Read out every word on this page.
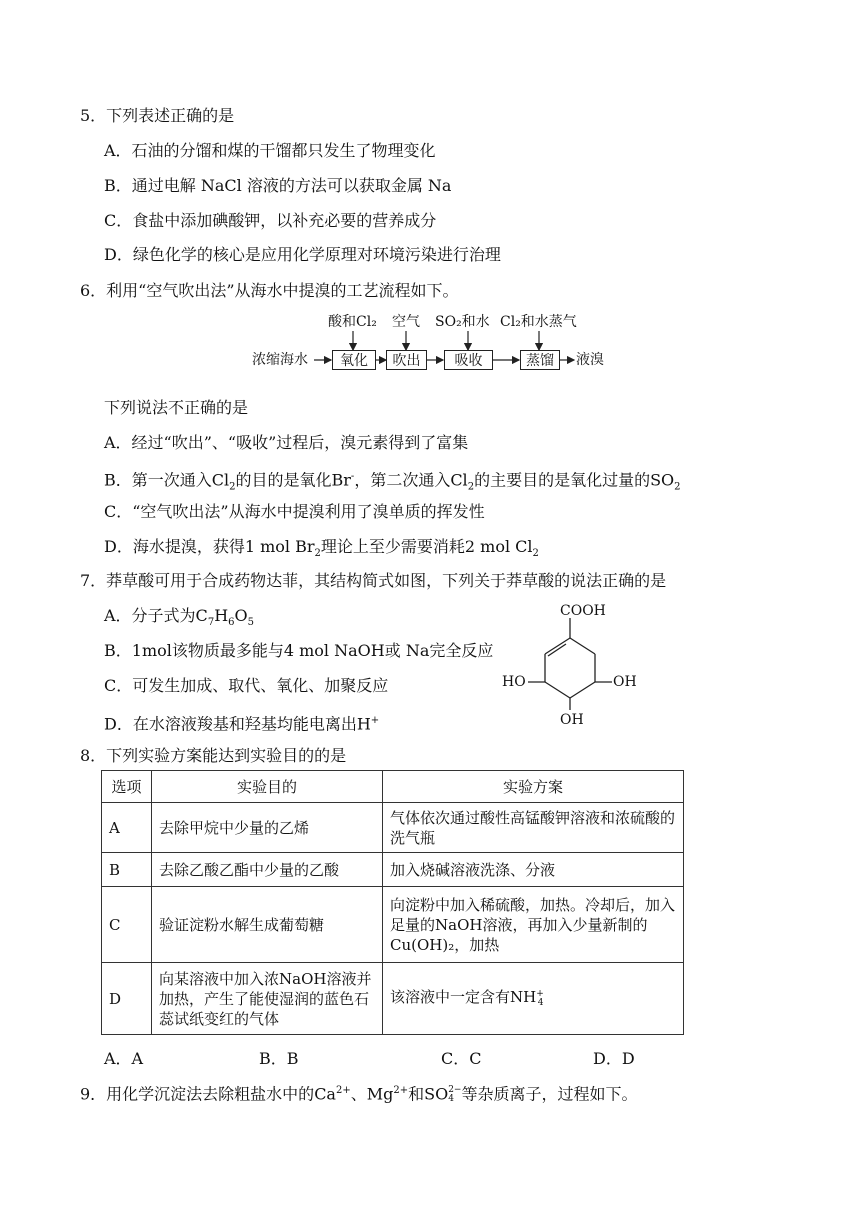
5．下列表述正确的是
A．石油的分馏和煤的干馏都只发生了物理变化
B．通过电解 NaCl 溶液的方法可以获取金属 Na
C．食盐中添加碘酸钾，以补充必要的营养成分
D．绿色化学的核心是应用化学原理对环境污染进行治理
6．利用“空气吹出法”从海水中提溴的工艺流程如下。
酸和Cl₂ 空气 SO₂和水 Cl₂和水蒸气
浓缩海水	氧化	吹出	吸收	蒸馏	液溴
下列说法不正确的是
A．经过“吹出”、“吸收”过程后，溴元素得到了富集
B．第一次通入$Cl_2$的目的是氧化Br-，第二次通入$Cl_2$的主要目的是氧化过量的$SO_2$
C．“空气吹出法”从海水中提溴利用了溴单质的挥发性
D．海水提溴，获得1 mol $Br_2$理论上至少需要消耗2 mol $Cl_2$
7．莽草酸可用于合成药物达菲，其结构简式如图，下列关于莽草酸的说法正确的是
A．分子式为$C_7H_6O_5$
B．1mol该物质最多能与4 mol NaOH或 Na完全反应
C．可发生加成、取代、氧化、加聚反应
D．在水溶液羧基和羟基均能电离出H+
COOH
HO	OH
OH
8．下列实验方案能达到实验目的的是
选项	实验目的	实验方案
A	去除甲烷中少量的乙烯	气体依次通过酸性高锰酸钾溶液和浓硫酸的洗气瓶
B	去除乙酸乙酯中少量的乙酸	加入烧碱溶液洗涤、分液
C	验证淀粉水解生成葡萄糖	向淀粉中加入稀硫酸，加热。冷却后，加入足量的NaOH溶液，再加入少量新制的Cu(OH)₂，加热
D	向某溶液中加入浓NaOH溶液并加热，产生了能使湿润的蓝色石蕊试纸变红的气体	该溶液中一定含有$NH^+_4$
A．A	B．B	C．C	D．D
9．用化学沉淀法去除粗盐水中的$Ca^{2+}$、$Mg^{2+}$和SO 2−
4 等杂质离子，过程如下。
